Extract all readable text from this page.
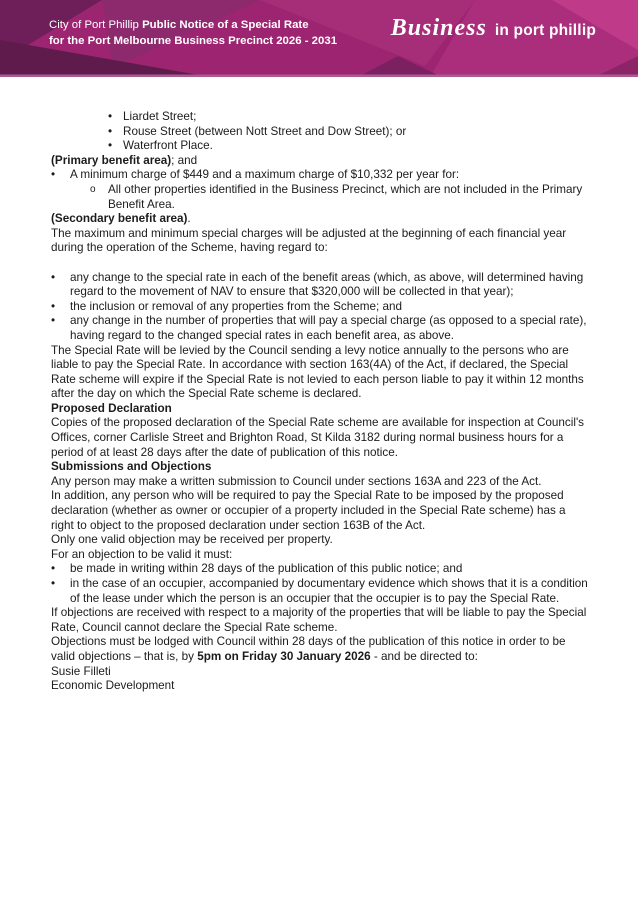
City of Port Phillip Public Notice of a Special Rate
for the Port Melbourne Business Precinct 2026 - 2031 Business in port phillip
• Liardet Street;
• Rouse Street (between Nott Street and Dow Street); or
• Waterfront Place.

(Primary benefit area); and

•	A minimum charge of $449 and a maximum charge of $10,332 per year for:
o	All other properties identified in the Business Precinct, which are not included in the Primary Benefit Area.

(Secondary benefit area).

The maximum and minimum special charges will be adjusted at the beginning of each financial year during the operation of the Scheme, having regard to:

•	any change to the special rate in each of the benefit areas (which, as above, will determined having regard to the movement of NAV to ensure that $320,000 will be collected in that year);
•	the inclusion or removal of any properties from the Scheme; and
•	any change in the number of properties that will pay a special charge (as opposed to a special rate), having regard to the changed special rates in each benefit area, as above.

The Special Rate will be levied by the Council sending a levy notice annually to the persons who are liable to pay the Special Rate. In accordance with section 163(4A) of the Act, if declared, the Special Rate scheme will expire if the Special Rate is not levied to each person liable to pay it within 12 months after the day on which the Special Rate scheme is declared.

Proposed Declaration

Copies of the proposed declaration of the Special Rate scheme are available for inspection at Council's Offices, corner Carlisle Street and Brighton Road, St Kilda 3182 during normal business hours for a period of at least 28 days after the date of publication of this notice.

Submissions and Objections

Any person may make a written submission to Council under sections 163A and 223 of the Act.

In addition, any person who will be required to pay the Special Rate to be imposed by the proposed declaration (whether as owner or occupier of a property included in the Special Rate scheme) has a right to object to the proposed declaration under section 163B of the Act.

Only one valid objection may be received per property.

For an objection to be valid it must:

•	be made in writing within 28 days of the publication of this public notice; and
•	in the case of an occupier, accompanied by documentary evidence which shows that it is a condition of the lease under which the person is an occupier that the occupier is to pay the Special Rate.

If objections are received with respect to a majority of the properties that will be liable to pay the Special Rate, Council cannot declare the Special Rate scheme.

Objections must be lodged with Council within 28 days of the publication of this notice in order to be valid objections – that is, by 5pm on Friday 30 January 2026 - and be directed to:

Susie Filleti

Economic Development
